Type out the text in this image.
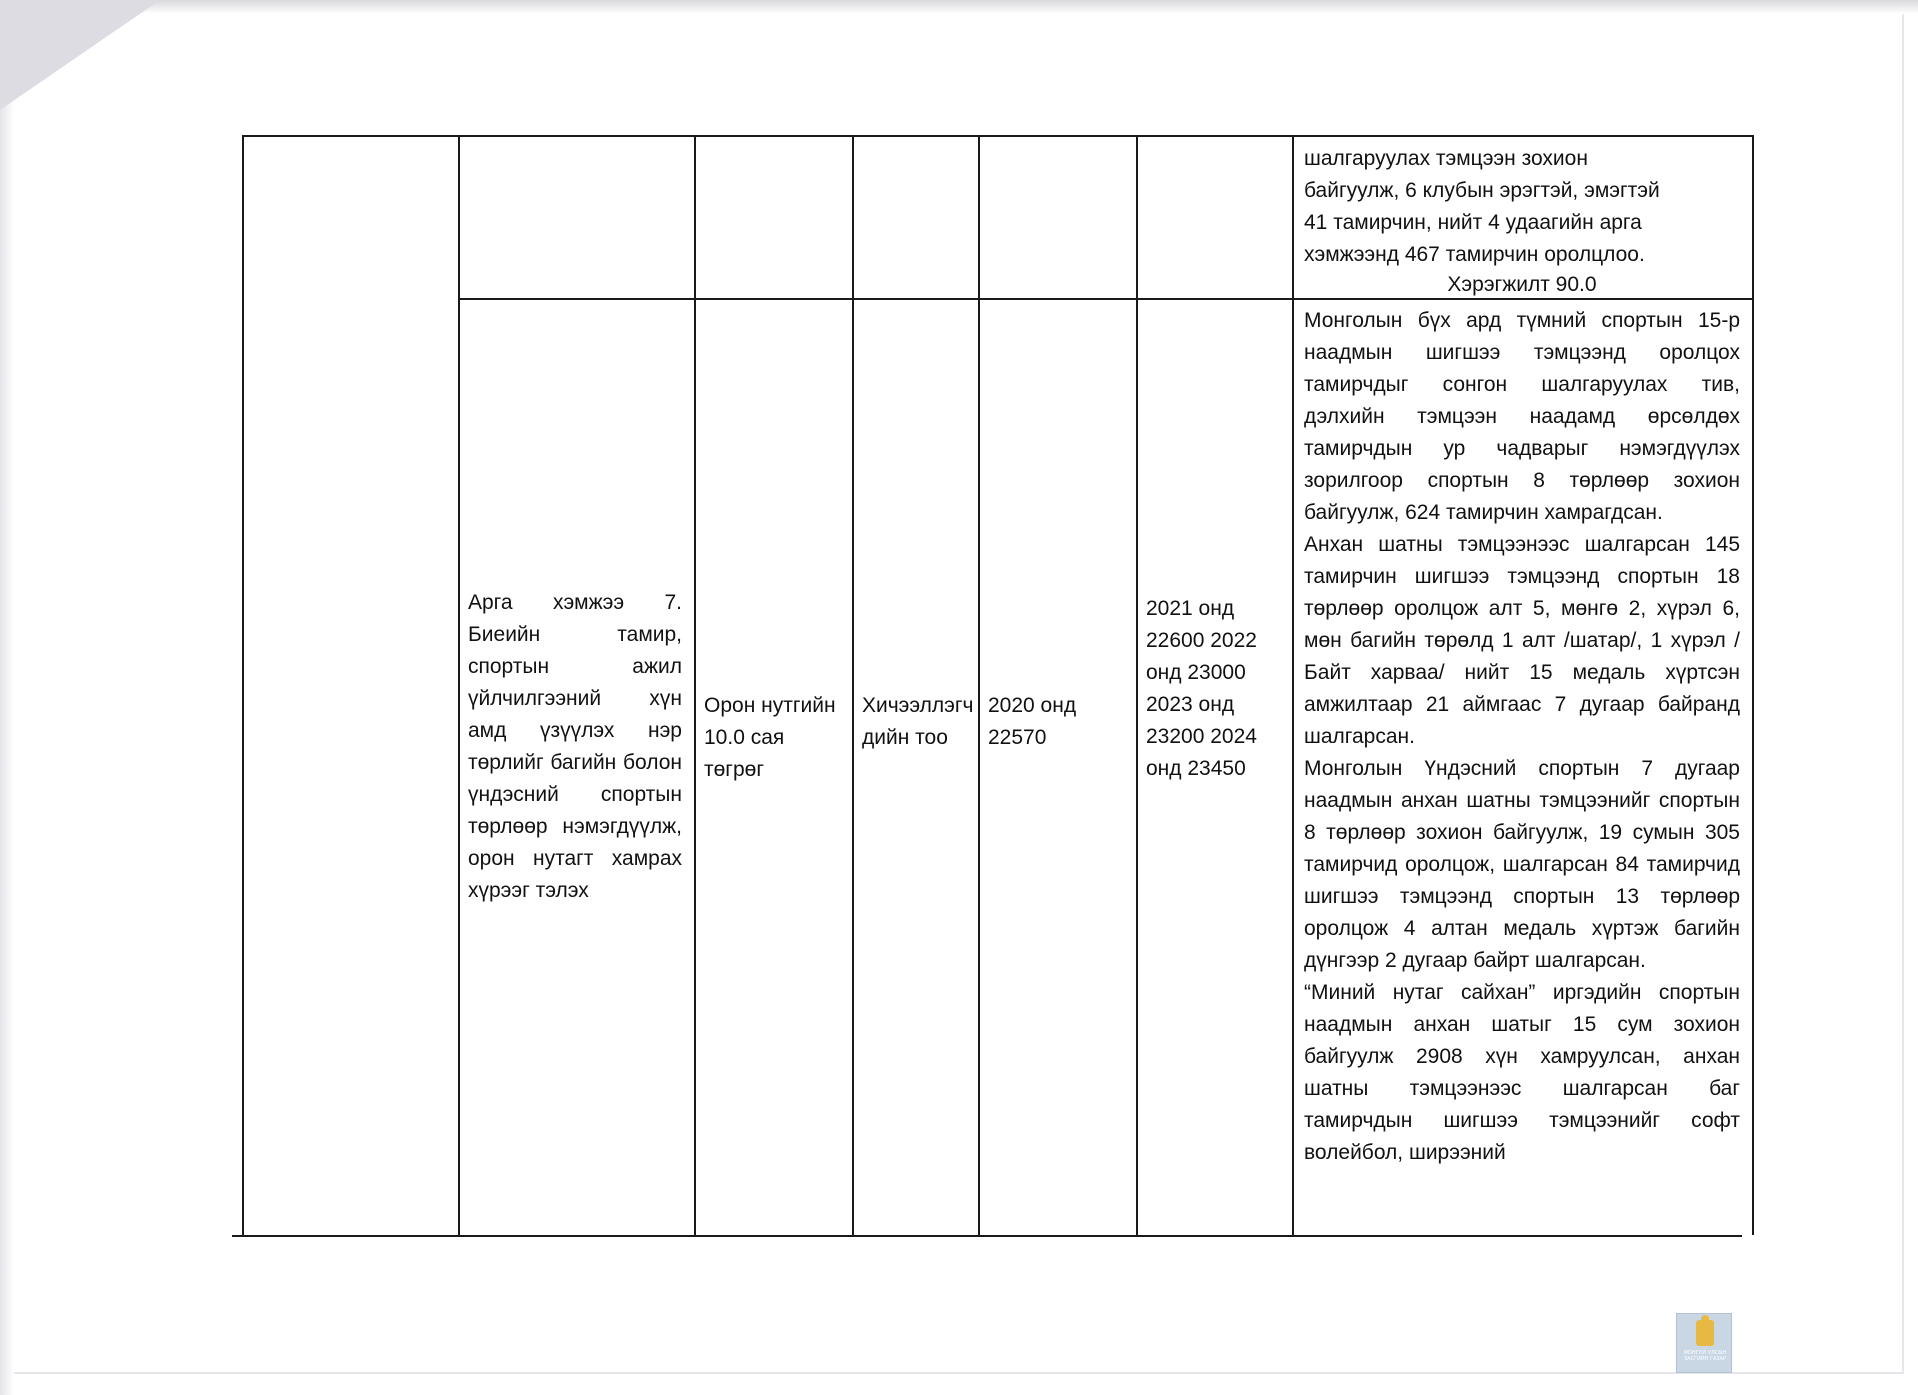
шалгаруулах тэмцээн зохион

байгуулж, 6 клубын эрэгтэй, эмэгтэй

41 тамирчин, нийт 4 удаагийн арга

хэмжээнд 467 тамирчин оролцлоо.

Хэрэгжилт 90.0
Арга хэмжээ 7. Биеийн тамир, спортын ажил үйлчилгээний хүн амд үзүүлэх нэр төрлийг багийн болон үндэсний спортын төрлөөр нэмэгдүүлж, орон нутагт хамрах хүрээг тэлэх
Орон нутгийн 10.0 сая төгрөг
Хичээллэгч дийн тоо
2020 онд 22570
2021 онд 22600 2022 онд 23000 2023 онд 23200 2024 онд 23450

Монголын бүх ард түмний спортын 15-р наадмын шигшээ тэмцээнд оролцох тамирчдыг сонгон шалгаруулах тив, дэлхийн тэмцээн наадамд өрсөлдөх тамирчдын ур чадварыг нэмэгдүүлэх зорилгоор спортын 8 төрлөөр зохион байгуулж, 624 тамирчин хамрагдсан.

Анхан шатны тэмцээнээс шалгарсан 145 тамирчин шигшээ тэмцээнд спортын 18 төрлөөр оролцож алт 5, мөнгө 2, хүрэл 6, мөн багийн төрөлд 1 алт /шатар/, 1 хүрэл /Байт харваа/ нийт 15 медаль хүртсэн амжилтаар 21 аймгаас 7 дугаар байранд шалгарсан.

Монголын Үндэсний спортын 7 дугаар наадмын анхан шатны тэмцээнийг спортын 8 төрлөөр зохион байгуулж, 19 сумын 305 тамирчид оролцож, шалгарсан 84 тамирчид шигшээ тэмцээнд спортын 13 төрлөөр оролцож 4 алтан медаль хүртэж багийн дүнгээр 2 дугаар байрт шалгарсан.

“Миний нутаг сайхан” иргэдийн спортын наадмын анхан шатыг 15 сум зохион байгуулж 2908 хүн хамруулсан, анхан шатны тэмцээнээс шалгарсан баг тамирчдын шигшээ тэмцээнийг софт волейбол, ширээний

МОНГОЛ УЛСЫН ЗАСГИЙН ГАЗАР
